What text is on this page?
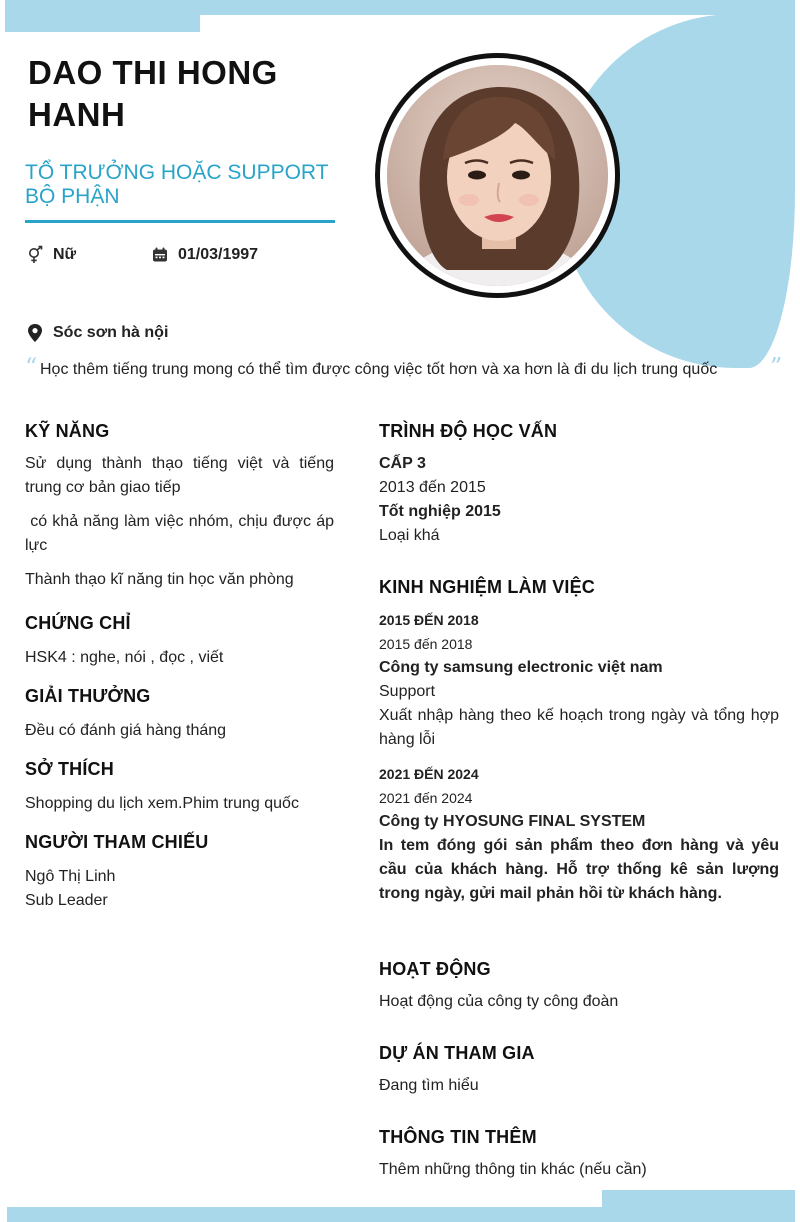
DAO THI HONG HANH
TỔ TRƯỞNG HOẶC SUPPORT BỘ PHẬN
Nữ	01/03/1997
Sóc sơn hà nội
“ Học thêm tiếng trung mong có thể tìm được công việc tốt hơn và xa hơn là đi du lịch trung quốc ”
KỸ NĂNG
Sử dụng thành thạo tiếng việt và tiếng trung cơ bản giao tiếp
có khả năng làm việc nhóm, chịu được áp lực
Thành thạo kĩ năng tin học văn phòng
CHỨNG CHỈ
HSK4 : nghe, nói , đọc , viết
GIẢI THƯỞNG
Đều có đánh giá hàng tháng
SỞ THÍCH
Shopping du lịch xem.Phim trung quốc
NGƯỜI THAM CHIẾU
Ngô Thị Linh
Sub Leader
TRÌNH ĐỘ HỌC VẤN
CẤP 3
2013 đến 2015
Tốt nghiệp 2015
Loại khá
KINH NGHIỆM LÀM VIỆC
2015 ĐẾN 2018
2015 đến 2018
Công ty samsung electronic việt nam
Support
Xuất nhập hàng theo kế hoạch trong ngày và tổng hợp hàng lỗi
2021 ĐẾN 2024
2021 đến 2024
Công ty HYOSUNG FINAL SYSTEM
In tem đóng gói sản phẩm theo đơn hàng và yêu cầu của khách hàng. Hỗ trợ thống kê sản lượng trong ngày, gửi mail phản hồi từ khách hàng.
HOẠT ĐỘNG
Hoạt động của công ty công đoàn
DỰ ÁN THAM GIA
Đang tìm hiểu
THÔNG TIN THÊM
Thêm những thông tin khác (nếu cần)
